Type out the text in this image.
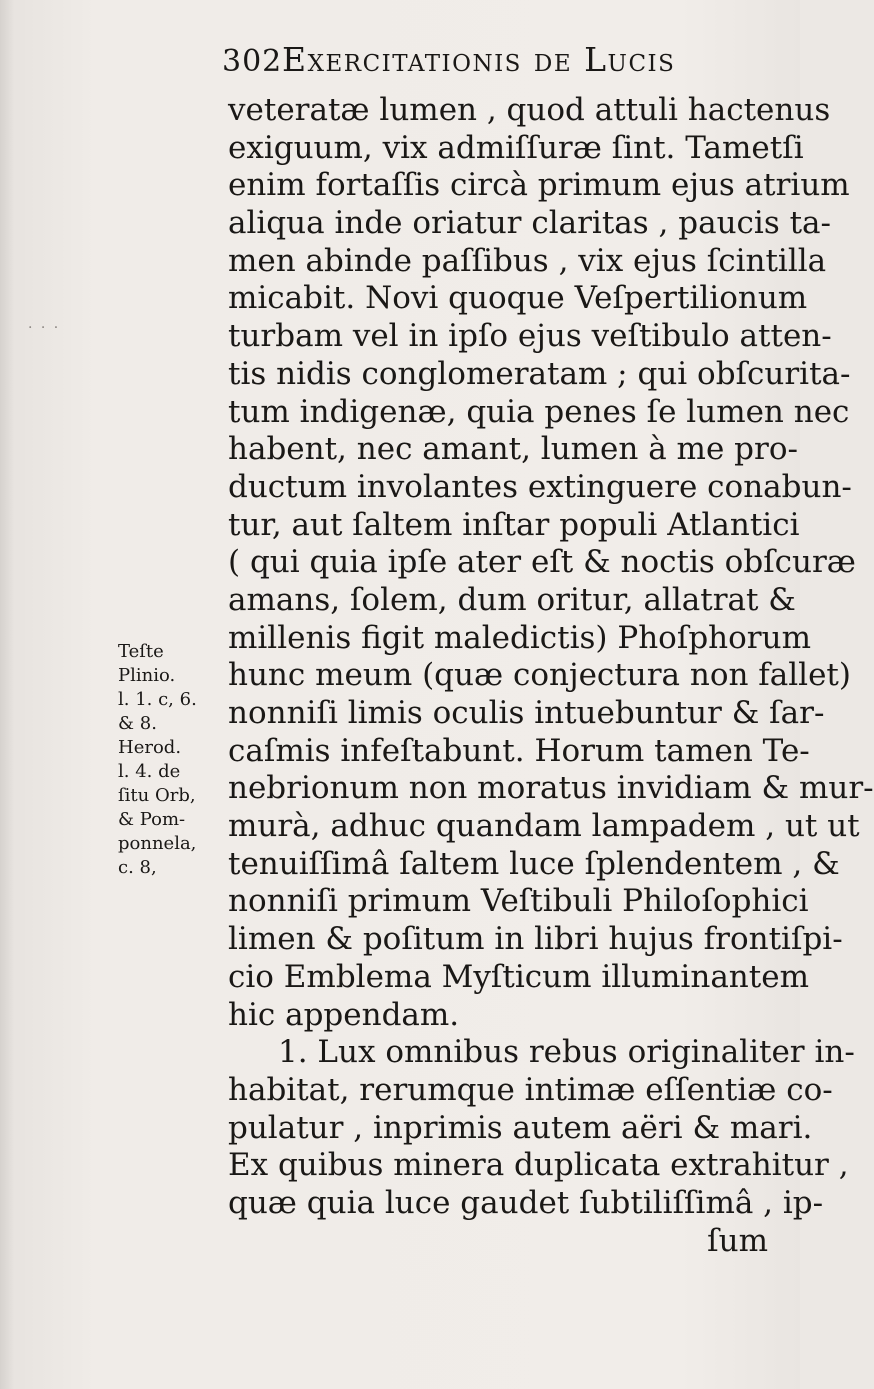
· · ·
302Exercitationis de Lucis
veteratæ lumen , quod attuli hactenus
exiguum, vix admiſſuræ ſint. Tametſi
enim fortaſſis circà primum ejus atrium
aliqua inde oriatur claritas , paucis ta-
men abinde paſſibus , vix ejus ſcintilla
micabit. Novi quoque Veſpertilionum
turbam vel in ipſo ejus veſtibulo atten-
tis nidis conglomeratam ; qui obſcurita-
tum indigenæ, quia penes ſe lumen nec
habent, nec amant, lumen à me pro-
ductum involantes extinguere conabun-
tur, aut ſaltem inſtar populi Atlantici
( qui quia ipſe ater eſt & noctis obſcuræ
amans, ſolem, dum oritur, allatrat &
millenis figit maledictis) Phoſphorum
hunc meum (quæ conjectura non fallet)
nonniſi limis oculis intuebuntur & ſar-
caſmis infeſtabunt. Horum tamen Te-
nebrionum non moratus invidiam & mur-
murà, adhuc quandam lampadem , ut ut
tenuiſſimâ ſaltem luce ſplendentem , &
nonniſi primum Veſtibuli Philoſophici
limen & poſitum in libri hujus frontiſpi-
cio Emblema Myſticum illuminantem
hic appendam.
1. Lux omnibus rebus originaliter in-
habitat, rerumque intimæ eſſentiæ co-
pulatur , inprimis autem aëri & mari.
Ex quibus minera duplicata extrahitur ,
quæ quia luce gaudet ſubtiliſſimâ , ip-
ſum
Teſte
Plinio.
l. 1. c, 6.
& 8.
Herod.
l. 4. de
ſitu Orb,
& Pom-
ponnela,
c. 8,
